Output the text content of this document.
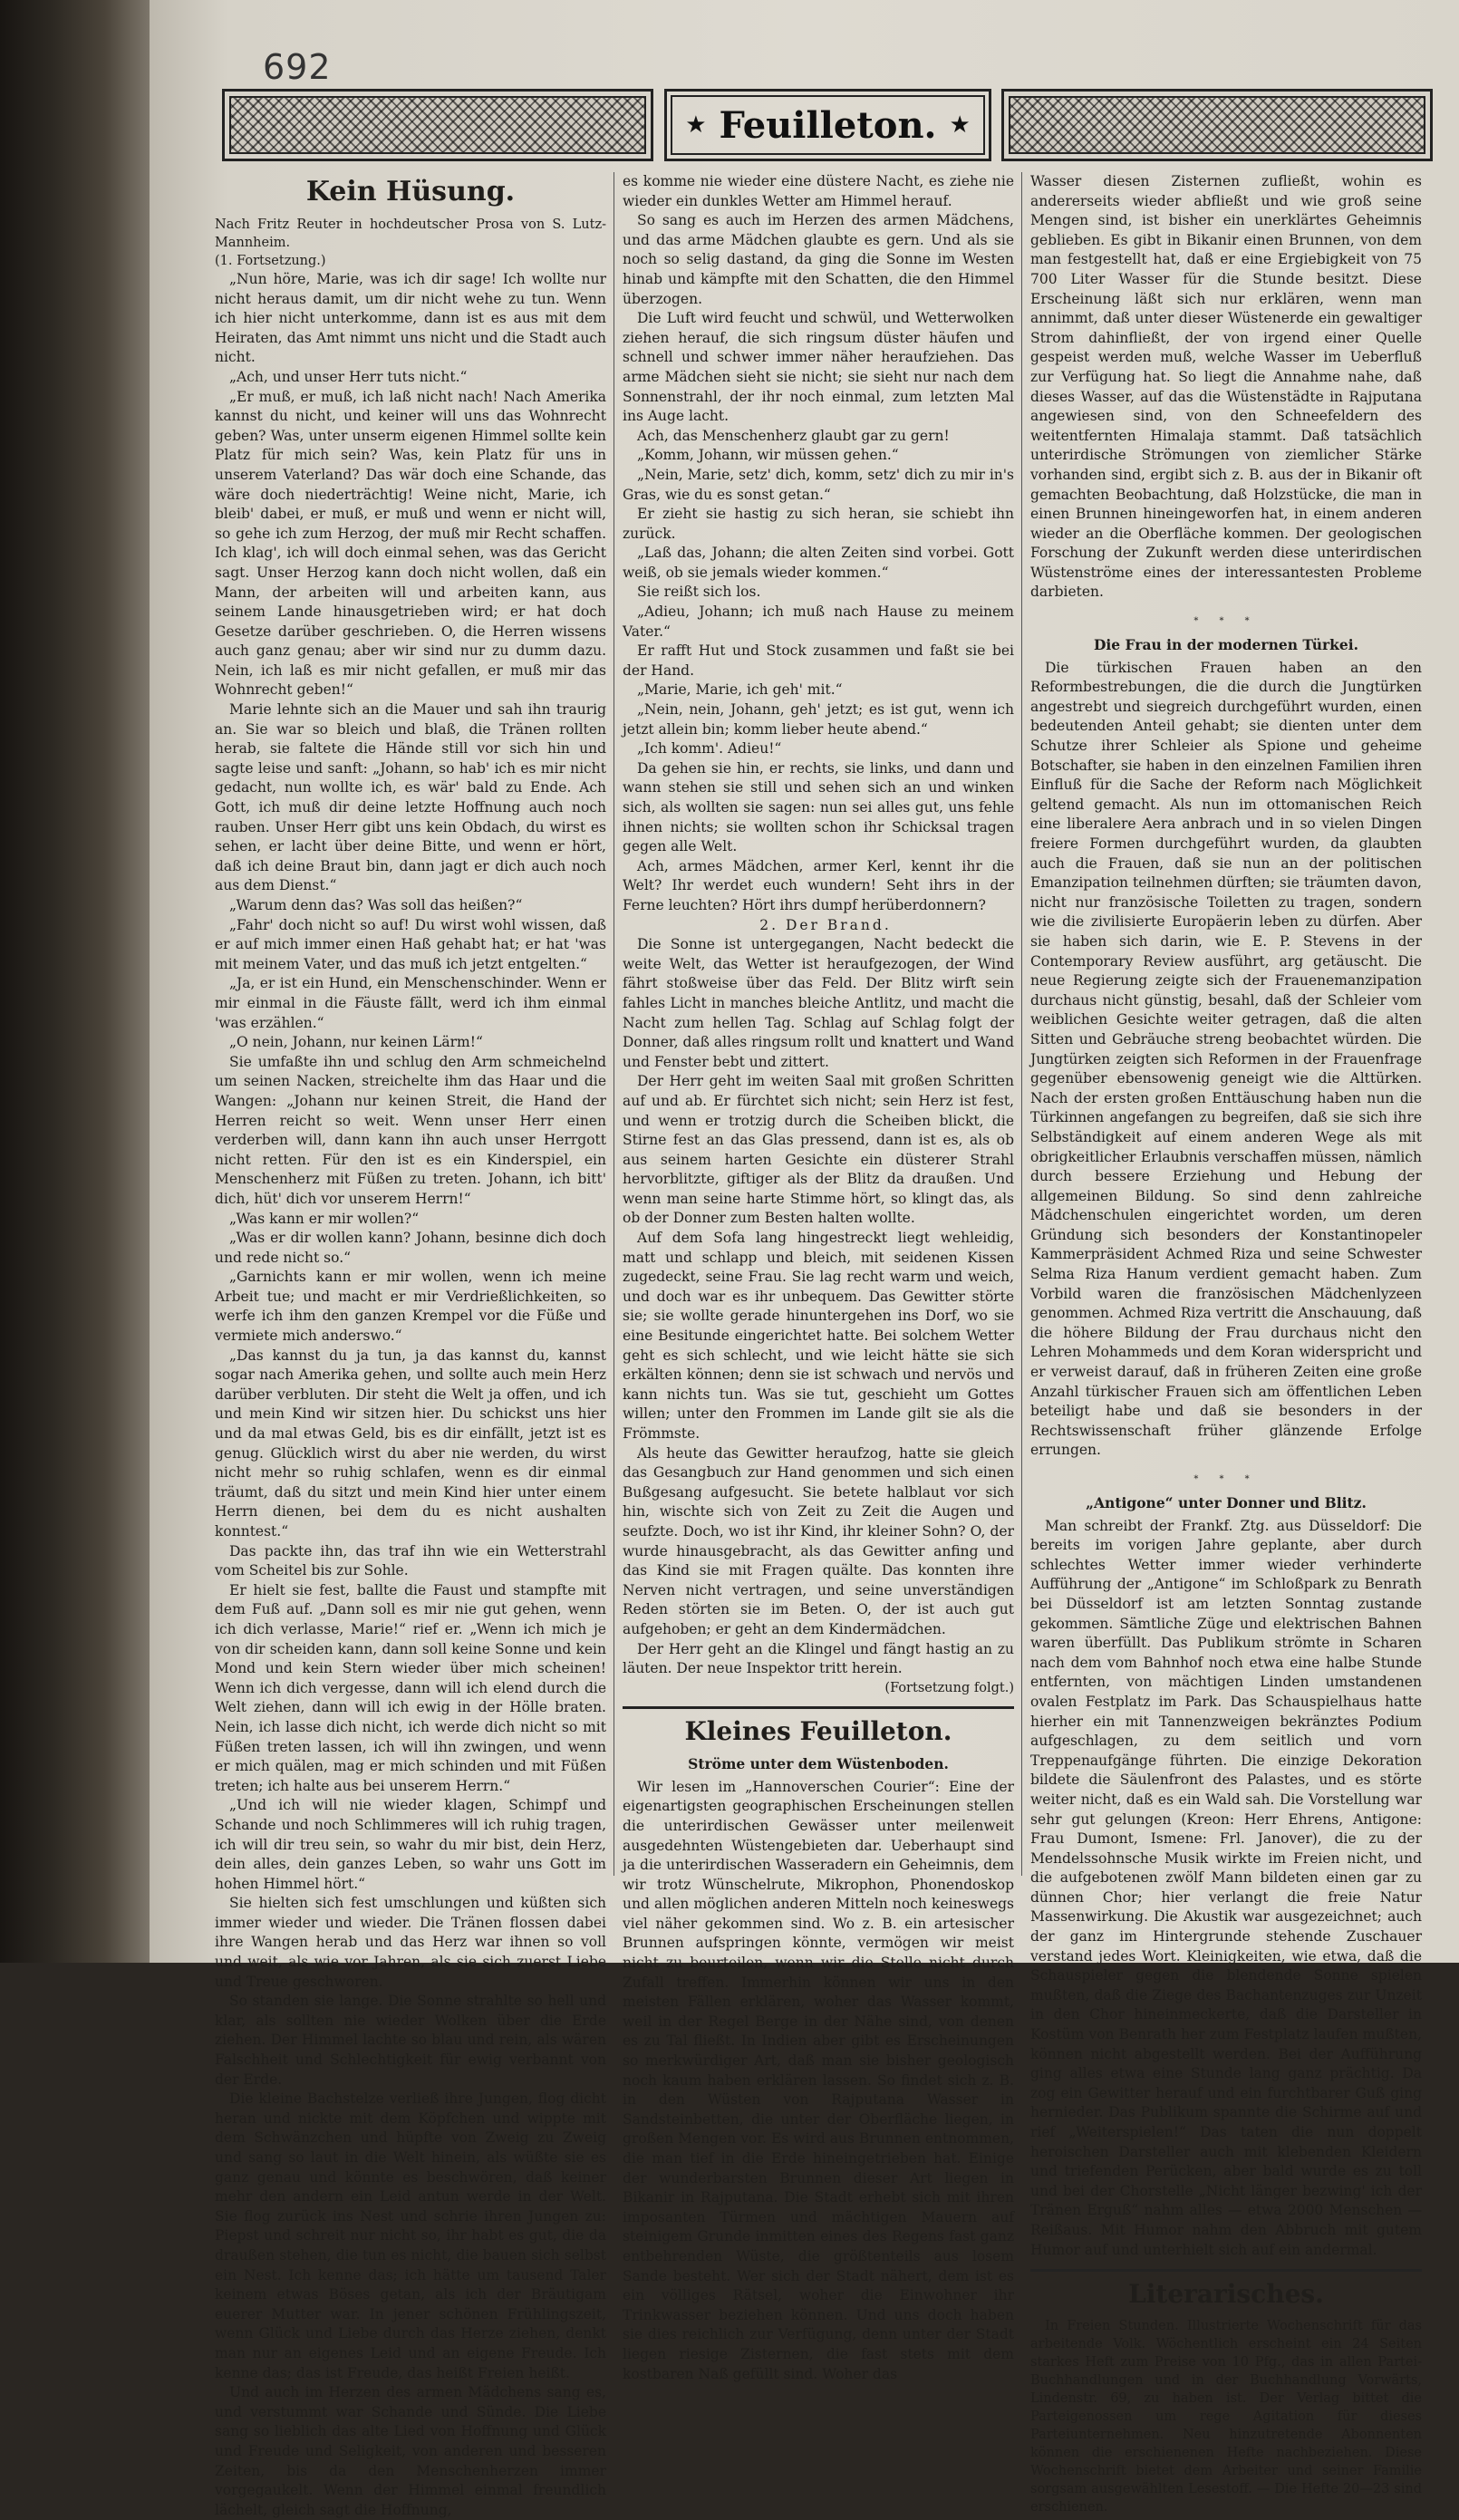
692
★ Feuilleton. ★
Kein Hüsung.

Nach Fritz Reuter in hochdeutscher Prosa von S. Lutz-Mannheim.

(1. Fortsetzung.)

„Nun höre, Marie, was ich dir sage! Ich wollte nur nicht heraus damit, um dir nicht wehe zu tun. Wenn ich hier nicht unterkomme, dann ist es aus mit dem Heiraten, das Amt nimmt uns nicht und die Stadt auch nicht.

„Ach, und unser Herr tuts nicht.“

„Er muß, er muß, ich laß nicht nach! Nach Amerika kannst du nicht, und keiner will uns das Wohnrecht geben? Was, unter unserm eigenen Himmel sollte kein Platz für mich sein? Was, kein Platz für uns in unserem Vaterland? Das wär doch eine Schande, das wäre doch niederträchtig! Weine nicht, Marie, ich bleib' dabei, er muß, er muß und wenn er nicht will, so gehe ich zum Herzog, der muß mir Recht schaffen. Ich klag', ich will doch einmal sehen, was das Gericht sagt. Unser Herzog kann doch nicht wollen, daß ein Mann, der arbeiten will und arbeiten kann, aus seinem Lande hinausgetrieben wird; er hat doch Gesetze darüber geschrieben. O, die Herren wissens auch ganz genau; aber wir sind nur zu dumm dazu. Nein, ich laß es mir nicht gefallen, er muß mir das Wohnrecht geben!“

Marie lehnte sich an die Mauer und sah ihn traurig an. Sie war so bleich und blaß, die Tränen rollten herab, sie faltete die Hände still vor sich hin und sagte leise und sanft: „Johann, so hab' ich es mir nicht gedacht, nun wollte ich, es wär' bald zu Ende. Ach Gott, ich muß dir deine letzte Hoffnung auch noch rauben. Unser Herr gibt uns kein Obdach, du wirst es sehen, er lacht über deine Bitte, und wenn er hört, daß ich deine Braut bin, dann jagt er dich auch noch aus dem Dienst.“

„Warum denn das? Was soll das heißen?“

„Fahr' doch nicht so auf! Du wirst wohl wissen, daß er auf mich immer einen Haß gehabt hat; er hat 'was mit meinem Vater, und das muß ich jetzt entgelten.“

„Ja, er ist ein Hund, ein Menschenschinder. Wenn er mir einmal in die Fäuste fällt, werd ich ihm einmal 'was erzählen.“

„O nein, Johann, nur keinen Lärm!“

Sie umfaßte ihn und schlug den Arm schmeichelnd um seinen Nacken, streichelte ihm das Haar und die Wangen: „Johann nur keinen Streit, die Hand der Herren reicht so weit. Wenn unser Herr einen verderben will, dann kann ihn auch unser Herrgott nicht retten. Für den ist es ein Kinderspiel, ein Menschenherz mit Füßen zu treten. Johann, ich bitt' dich, hüt' dich vor unserem Herrn!“

„Was kann er mir wollen?“

„Was er dir wollen kann? Johann, besinne dich doch und rede nicht so.“

„Garnichts kann er mir wollen, wenn ich meine Arbeit tue; und macht er mir Verdrießlichkeiten, so werfe ich ihm den ganzen Krempel vor die Füße und vermiete mich anderswo.“

„Das kannst du ja tun, ja das kannst du, kannst sogar nach Amerika gehen, und sollte auch mein Herz darüber verbluten. Dir steht die Welt ja offen, und ich und mein Kind wir sitzen hier. Du schickst uns hier und da mal etwas Geld, bis es dir einfällt, jetzt ist es genug. Glücklich wirst du aber nie werden, du wirst nicht mehr so ruhig schlafen, wenn es dir einmal träumt, daß du sitzt und mein Kind hier unter einem Herrn dienen, bei dem du es nicht aushalten konntest.“

Das packte ihn, das traf ihn wie ein Wetterstrahl vom Scheitel bis zur Sohle.

Er hielt sie fest, ballte die Faust und stampfte mit dem Fuß auf. „Dann soll es mir nie gut gehen, wenn ich dich verlasse, Marie!“ rief er. „Wenn ich mich je von dir scheiden kann, dann soll keine Sonne und kein Mond und kein Stern wieder über mich scheinen! Wenn ich dich vergesse, dann will ich elend durch die Welt ziehen, dann will ich ewig in der Hölle braten. Nein, ich lasse dich nicht, ich werde dich nicht so mit Füßen treten lassen, ich will ihn zwingen, und wenn er mich quälen, mag er mich schinden und mit Füßen treten; ich halte aus bei unserem Herrn.“

„Und ich will nie wieder klagen, Schimpf und Schande und noch Schlimmeres will ich ruhig tragen, ich will dir treu sein, so wahr du mir bist, dein Herz, dein alles, dein ganzes Leben, so wahr uns Gott im hohen Himmel hört.“

Sie hielten sich fest umschlungen und küßten sich immer wieder und wieder. Die Tränen flossen dabei ihre Wangen herab und das Herz war ihnen so voll und weit, als wie vor Jahren, als sie sich zuerst Liebe und Treue geschworen.

So standen sie lange. Die Sonne strahlte so hell und klar, als sollten nie wieder Wolken über die Erde ziehen. Der Himmel lachte so blau und rein, als wären Falschheit und Schlechtigkeit für ewig verbannt von der Erde.

Die kleine Bachstelze verließ ihre Jungen, flog dicht heran und nickte mit dem Köpfchen und wippte mit dem Schwänzchen und hüpfte von Zweig zu Zweig und sang so laut in die Welt hinein, als wüßte sie es ganz genau und könnte es beschwören, daß keiner mehr den andern ein Leid antun werde in der Welt. Sie flog zurück ins Nest und schrie ihren Jungen zu: Piepst und schreit nur nicht so, ihr habt es gut, die da draußen stehen, die tun es nicht, die bauen sich selbst ein Nest. Ich kenne das; ich hätte um tausend Taler keinem etwas Böses getan, als ich der Bräutigam euerer Mutter war. In jener schönen Frühlingszeit, wenn Glück und Liebe durch das Herze ziehen, denkt man nur an eigenes Leid und an eigene Freude. Ich kenne das; das ist Freude, das heißt Freien heißt.

Und auch im Herzen des armen Mädchens sang es, und verstummt war Schande und Sünde. Die Liebe sang so lieblich das alte Lied von Hoffnung und Glück und Freude und Seligkeit, von anderen und besseren Zeiten, bis da den Menschenherzen immer vorgegaukelt. Wenn der Himmel einmal freundlich lächelt, gleich sagt die Hoffnung,

es komme nie wieder eine düstere Nacht, es ziehe nie wieder ein dunkles Wetter am Himmel herauf.

So sang es auch im Herzen des armen Mädchens, und das arme Mädchen glaubte es gern. Und als sie noch so selig dastand, da ging die Sonne im Westen hinab und kämpfte mit den Schatten, die den Himmel überzogen.

Die Luft wird feucht und schwül, und Wetterwolken ziehen herauf, die sich ringsum düster häufen und schnell und schwer immer näher heraufziehen. Das arme Mädchen sieht sie nicht; sie sieht nur nach dem Sonnenstrahl, der ihr noch einmal, zum letzten Mal ins Auge lacht.

Ach, das Menschenherz glaubt gar zu gern!

„Komm, Johann, wir müssen gehen.“

„Nein, Marie, setz' dich, komm, setz' dich zu mir in's Gras, wie du es sonst getan.“

Er zieht sie hastig zu sich heran, sie schiebt ihn zurück.

„Laß das, Johann; die alten Zeiten sind vorbei. Gott weiß, ob sie jemals wieder kommen.“

Sie reißt sich los.

„Adieu, Johann; ich muß nach Hause zu meinem Vater.“

Er rafft Hut und Stock zusammen und faßt sie bei der Hand.

„Marie, Marie, ich geh' mit.“

„Nein, nein, Johann, geh' jetzt; es ist gut, wenn ich jetzt allein bin; komm lieber heute abend.“

„Ich komm'. Adieu!“

Da gehen sie hin, er rechts, sie links, und dann und wann stehen sie still und sehen sich an und winken sich, als wollten sie sagen: nun sei alles gut, uns fehle ihnen nichts; sie wollten schon ihr Schicksal tragen gegen alle Welt.

Ach, armes Mädchen, armer Kerl, kennt ihr die Welt? Ihr werdet euch wundern! Seht ihrs in der Ferne leuchten? Hört ihrs dumpf herüberdonnern?

2. Der Brand.

Die Sonne ist untergegangen, Nacht bedeckt die weite Welt, das Wetter ist heraufgezogen, der Wind fährt stoßweise über das Feld. Der Blitz wirft sein fahles Licht in manches bleiche Antlitz, und macht die Nacht zum hellen Tag. Schlag auf Schlag folgt der Donner, daß alles ringsum rollt und knattert und Wand und Fenster bebt und zittert.

Der Herr geht im weiten Saal mit großen Schritten auf und ab. Er fürchtet sich nicht; sein Herz ist fest, und wenn er trotzig durch die Scheiben blickt, die Stirne fest an das Glas pressend, dann ist es, als ob aus seinem harten Gesichte ein düsterer Strahl hervorblitzte, giftiger als der Blitz da draußen. Und wenn man seine harte Stimme hört, so klingt das, als ob der Donner zum Besten halten wollte.

Auf dem Sofa lang hingestreckt liegt wehleidig, matt und schlapp und bleich, mit seidenen Kissen zugedeckt, seine Frau. Sie lag recht warm und weich, und doch war es ihr unbequem. Das Gewitter störte sie; sie wollte gerade hinuntergehen ins Dorf, wo sie eine Besitunde eingerichtet hatte. Bei solchem Wetter geht es sich schlecht, und wie leicht hätte sie sich erkälten können; denn sie ist schwach und nervös und kann nichts tun. Was sie tut, geschieht um Gottes willen; unter den Frommen im Lande gilt sie als die Frömmste.

Als heute das Gewitter heraufzog, hatte sie gleich das Gesangbuch zur Hand genommen und sich einen Bußgesang aufgesucht. Sie betete halblaut vor sich hin, wischte sich von Zeit zu Zeit die Augen und seufzte. Doch, wo ist ihr Kind, ihr kleiner Sohn? O, der wurde hinausgebracht, als das Gewitter anfing und das Kind sie mit Fragen quälte. Das konnten ihre Nerven nicht vertragen, und seine unverständigen Reden störten sie im Beten. O, der ist auch gut aufgehoben; er geht an dem Kindermädchen.

Der Herr geht an die Klingel und fängt hastig an zu läuten. Der neue Inspektor tritt herein.

(Fortsetzung folgt.)

Kleines Feuilleton.
Ströme unter dem Wüstenboden.

Wir lesen im „Hannoverschen Courier“: Eine der eigenartigsten geographischen Erscheinungen stellen die unterirdischen Gewässer unter meilenweit ausgedehnten Wüstengebieten dar. Ueberhaupt sind ja die unterirdischen Wasseradern ein Geheimnis, dem wir trotz Wünschelrute, Mikrophon, Phonendoskop und allen möglichen anderen Mitteln noch keineswegs viel näher gekommen sind. Wo z. B. ein artesischer Brunnen aufspringen könnte, vermögen wir meist nicht zu beurteilen, wenn wir die Stelle nicht durch Zufall treffen. Immerhin können wir uns in den meisten Fällen erklären, woher das Wasser kommt, weil in der Regel Berge in der Nähe sind, von denen es zu Tal fließt. In Indien aber gibt es Erscheinungen so merkwürdiger Art, daß man sie bisher geologisch noch kaum haben erklären lassen. So findet sich z. B. in den Wüsten von Rajputana Wasser in Sandsteinbetten, die unter der Oberfläche liegen, in großen Mengen vor. Es wird aus Brunnen entnommen, die man tief in die Erde hineingetrieben hat. Einige der wunderbarsten Brunnen dieser Art liegen in Bikanir in Rajputana. Die Stadt erhebt sich mit ihren imposanten Türmen und mächtigen Mauern auf steinigem Grunde inmitten eines des Regens fast ganz entbehrenden Wüste, die größtenteils aus losem Sande besteht. Wer sich der Stadt nähert, dem ist es ein völliges Rätsel, woher die Einwohner ihr Trinkwasser beziehen können. Und uns doch haben sie dies reichlich zur Verfügung, denn unter der Stadt liegen riesige Zisternen, die fast stets mit dem kostbaren Naß gefüllt sind. Woher das

Wasser diesen Zisternen zufließt, wohin es andererseits wieder abfließt und wie groß seine Mengen sind, ist bisher ein unerklärtes Geheimnis geblieben. Es gibt in Bikanir einen Brunnen, von dem man festgestellt hat, daß er eine Ergiebigkeit von 75 700 Liter Wasser für die Stunde besitzt. Diese Erscheinung läßt sich nur erklären, wenn man annimmt, daß unter dieser Wüstenerde ein gewaltiger Strom dahinfließt, der von irgend einer Quelle gespeist werden muß, welche Wasser im Ueberfluß zur Verfügung hat. So liegt die Annahme nahe, daß dieses Wasser, auf das die Wüstenstädte in Rajputana angewiesen sind, von den Schneefeldern des weitentfernten Himalaja stammt. Daß tatsächlich unterirdische Strömungen von ziemlicher Stärke vorhanden sind, ergibt sich z. B. aus der in Bikanir oft gemachten Beobachtung, daß Holzstücke, die man in einen Brunnen hineingeworfen hat, in einem anderen wieder an die Oberfläche kommen. Der geologischen Forschung der Zukunft werden diese unterirdischen Wüstenströme eines der interessantesten Probleme darbieten.

* * *
Die Frau in der modernen Türkei.

Die türkischen Frauen haben an den Reformbestrebungen, die die durch die Jungtürken angestrebt und siegreich durchgeführt wurden, einen bedeutenden Anteil gehabt; sie dienten unter dem Schutze ihrer Schleier als Spione und geheime Botschafter, sie haben in den einzelnen Familien ihren Einfluß für die Sache der Reform nach Möglichkeit geltend gemacht. Als nun im ottomanischen Reich eine liberalere Aera anbrach und in so vielen Dingen freiere Formen durchgeführt wurden, da glaubten auch die Frauen, daß sie nun an der politischen Emanzipation teilnehmen dürften; sie träumten davon, nicht nur französische Toiletten zu tragen, sondern wie die zivilisierte Europäerin leben zu dürfen. Aber sie haben sich darin, wie E. P. Stevens in der Contemporary Review ausführt, arg getäuscht. Die neue Regierung zeigte sich der Frauenemanzipation durchaus nicht günstig, besahl, daß der Schleier vom weiblichen Gesichte weiter getragen, daß die alten Sitten und Gebräuche streng beobachtet würden. Die Jungtürken zeigten sich Reformen in der Frauenfrage gegenüber ebensowenig geneigt wie die Alttürken. Nach der ersten großen Enttäuschung haben nun die Türkinnen angefangen zu begreifen, daß sie sich ihre Selbständigkeit auf einem anderen Wege als mit obrigkeitlicher Erlaubnis verschaffen müssen, nämlich durch bessere Erziehung und Hebung der allgemeinen Bildung. So sind denn zahlreiche Mädchenschulen eingerichtet worden, um deren Gründung sich besonders der Konstantinopeler Kammerpräsident Achmed Riza und seine Schwester Selma Riza Hanum verdient gemacht haben. Zum Vorbild waren die französischen Mädchenlyzeen genommen. Achmed Riza vertritt die Anschauung, daß die höhere Bildung der Frau durchaus nicht den Lehren Mohammeds und dem Koran widerspricht und er verweist darauf, daß in früheren Zeiten eine große Anzahl türkischer Frauen sich am öffentlichen Leben beteiligt habe und daß sie besonders in der Rechtswissenschaft früher glänzende Erfolge errungen.

* * *
„Antigone“ unter Donner und Blitz.

Man schreibt der Frankf. Ztg. aus Düsseldorf: Die bereits im vorigen Jahre geplante, aber durch schlechtes Wetter immer wieder verhinderte Aufführung der „Antigone“ im Schloßpark zu Benrath bei Düsseldorf ist am letzten Sonntag zustande gekommen. Sämtliche Züge und elektrischen Bahnen waren überfüllt. Das Publikum strömte in Scharen nach dem vom Bahnhof noch etwa eine halbe Stunde entfernten, von mächtigen Linden umstandenen ovalen Festplatz im Park. Das Schauspielhaus hatte hierher ein mit Tannenzweigen bekränztes Podium aufgeschlagen, zu dem seitlich und vorn Treppenaufgänge führten. Die einzige Dekoration bildete die Säulenfront des Palastes, und es störte weiter nicht, daß es ein Wald sah. Die Vorstellung war sehr gut gelungen (Kreon: Herr Ehrens, Antigone: Frau Dumont, Ismene: Frl. Janover), die zu der Mendelssohnsche Musik wirkte im Freien nicht, und die aufgebotenen zwölf Mann bildeten einen gar zu dünnen Chor; hier verlangt die freie Natur Massenwirkung. Die Akustik war ausgezeichnet; auch der ganz im Hintergrunde stehende Zuschauer verstand jedes Wort. Kleinigkeiten, wie etwa, daß die Schauspieler gegen die blendende Sonne spielen mußten, daß die Ziege des Bachantenzuges zur Unzeit in den Chor hineinmeckerte, daß die Darsteller in Kostüm von Benrath her zum Festplatz laufen mußten, können nicht abgestellt werden. Bei der Aufführung ging alles etwa eine Stunde lang ganz prächtig. Da zog ein Gewitter herauf und ein furchtbarer Guß ging hernieder. Das Publikum spannte die Schirme auf und rief „Weiterspielen!“ Das taten die nun doppelt heroischen Darsteller auch mit klebenden Kleidern und triefenden Perücken, aber bald wurde es zu toll und bei der Chorstelle „Nicht länger bezwing' ich der Tränen Erguß“ nahm alles — etwa 2000 Menschen — Reißaus. Mit Humor nahm den Abbruch mit gutem Humor auf und unterhielt sich auf ein andermal.

Literarisches.

In Freien Stunden. Illustrierte Wochenschrift für das arbeitende Volk. Wöchentlich erscheint ein 24 Seiten starkes Heft zum Preise von 10 Pfg., das in allen Partei-Buchhandlungen und in der Buchhandlung Vorwärts, Lindenstr. 69, zu haben ist. Der Verlag bittet die Parteigenossen um rege Agitation für dieses Parteiunternehmen. Neu hinzutretende Abonnenten können die erschienenen Hefte nachbeziehen. Diese Wochenschrift bietet dem Arbeiter und seiner Familie sorgsam ausgewählten Lesestoff. — Die Hefte 20—23 sind erschienen.
